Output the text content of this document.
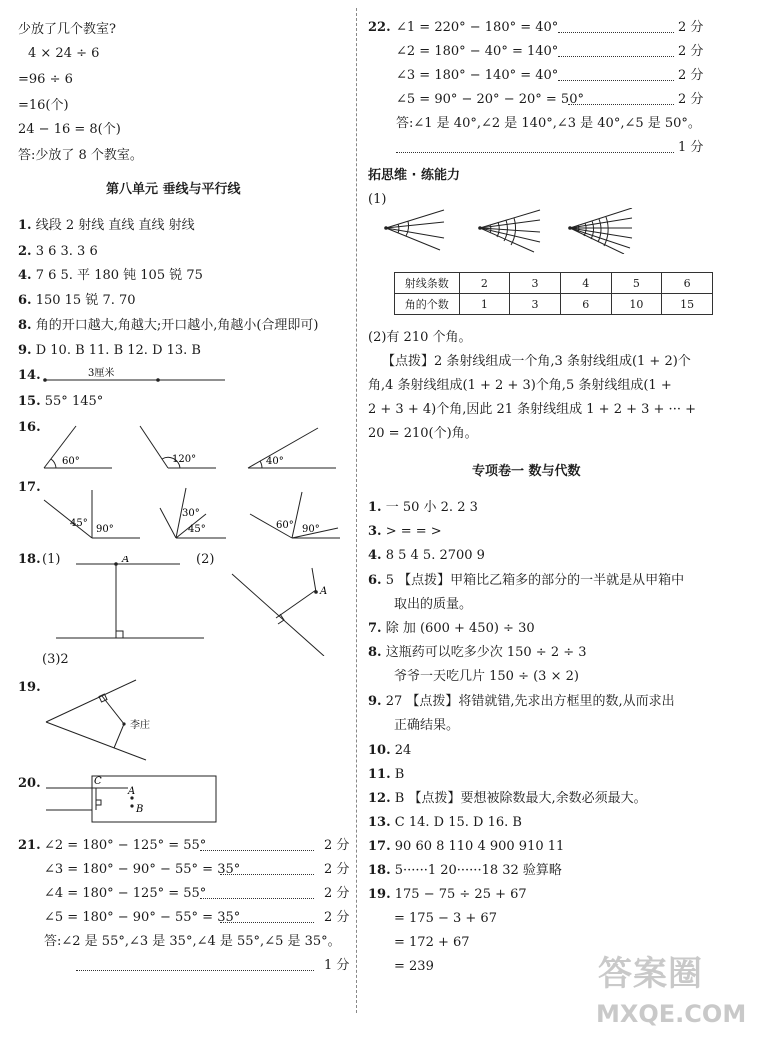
少放了几个教室?
4 × 24 ÷ 6
=96 ÷ 6
=16(个)
24 − 16 = 8(个)
答:少放了 8 个教室。
第八单元 垂线与平行线
1. 线段 2 射线 直线 直线 射线
2. 3 6 3. 3 6
4. 7 6 5. 平 180 钝 105 锐 75
6. 150 15 锐 7. 70
8. 角的开口越大,角越大;开口越小,角越小(合理即可)
9. D 10. B 11. B 12. D 13. B
14.	3厘米
15. 55° 145°
16.
60°	120°	40°
17.
45°
90°
30°
45°	60° 90°
18. (1)	(2)
A
A
(3)2
19.
李庄
20.	C
A
B
21. ∠2 = 180° − 125° = 55°	2 分
∠3 = 180° − 90° − 55° = 35°	2 分
∠4 = 180° − 125° = 55°	2 分
∠5 = 180° − 90° − 55° = 35°	2 分
答:∠2 是 55°,∠3 是 35°,∠4 是 55°,∠5 是 35°。
1 分
22. ∠1 = 220° − 180° = 40°	2 分
∠2 = 180° − 40° = 140°	2 分
∠3 = 180° − 140° = 40°	2 分
∠5 = 90° − 20° − 20° = 50°	2 分
答:∠1 是 40°,∠2 是 140°,∠3 是 40°,∠5 是 50°。
1 分
拓思维 · 练能力
(1)
射线条数	2	3	4	5	6
角的个数	1	3	6	10	15
(2)有 210 个角。
【点拨】2 条射线组成一个角,3 条射线组成(1 + 2)个
角,4 条射线组成(1 + 2 + 3)个角,5 条射线组成(1 +
2 + 3 + 4)个角,因此 21 条射线组成 1 + 2 + 3 + ··· +
20 = 210(个)角。
专项卷一 数与代数
1. 一 50 小 2. 2 3
3. > = = >
4. 8 5 4 5. 2700 9
6. 5 【点拨】甲箱比乙箱多的部分的一半就是从甲箱中
取出的质量。
7. 除 加 (600 + 450) ÷ 30
8. 这瓶药可以吃多少次 150 ÷ 2 ÷ 3
爷爷一天吃几片 150 ÷ (3 × 2)
9. 27 【点拨】将错就错,先求出方框里的数,从而求出
正确结果。
10. 24
11. B
12. B 【点拨】要想被除数最大,余数必须最大。
13. C 14. D 15. D 16. B
17. 90 60 8 110 4 900 910 11
18. 5······1 20······18 32 验算略
19. 175 − 75 ÷ 25 + 67
= 175 − 3 + 67
= 172 + 67
= 239	答案圈
MXQE.COM
